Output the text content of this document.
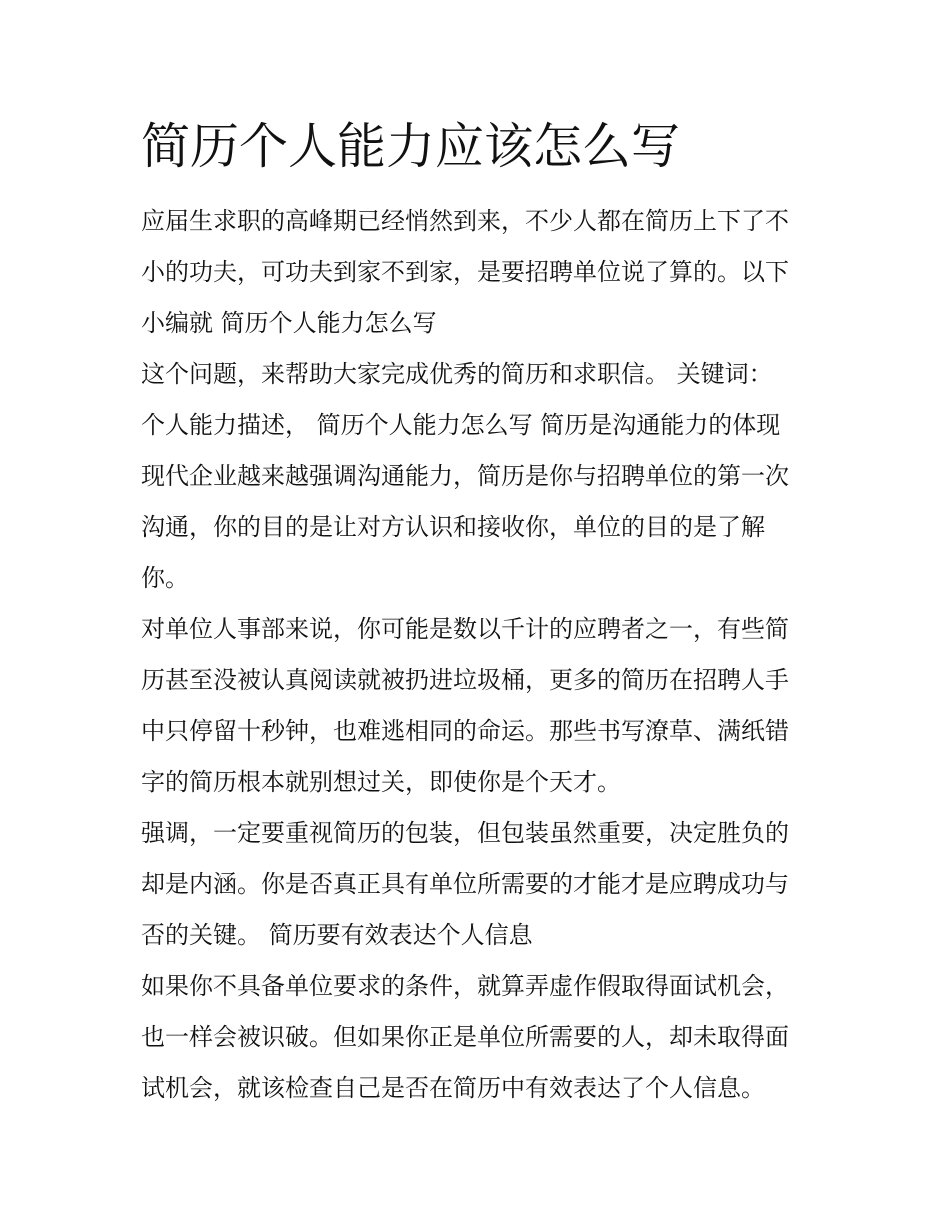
简历个人能力应该怎么写

应届生求职的高峰期已经悄然到来，不少人都在简历上下了不

小的功夫，可功夫到家不到家，是要招聘单位说了算的。以下

小编就 简历个人能力怎么写

这个问题，来帮助大家完成优秀的简历和求职信。 关键词：

个人能力描述， 简历个人能力怎么写 简历是沟通能力的体现

现代企业越来越强调沟通能力，简历是你与招聘单位的第一次

沟通，你的目的是让对方认识和接收你，单位的目的是了解

你。

对单位人事部来说，你可能是数以千计的应聘者之一，有些简

历甚至没被认真阅读就被扔进垃圾桶，更多的简历在招聘人手

中只停留十秒钟，也难逃相同的命运。那些书写潦草、满纸错

字的简历根本就别想过关，即使你是个天才。

强调，一定要重视简历的包装，但包装虽然重要，决定胜负的

却是内涵。你是否真正具有单位所需要的才能才是应聘成功与

否的关键。 简历要有效表达个人信息

如果你不具备单位要求的条件，就算弄虚作假取得面试机会，

也一样会被识破。但如果你正是单位所需要的人，却未取得面

试机会，就该检查自己是否在简历中有效表达了个人信息。
